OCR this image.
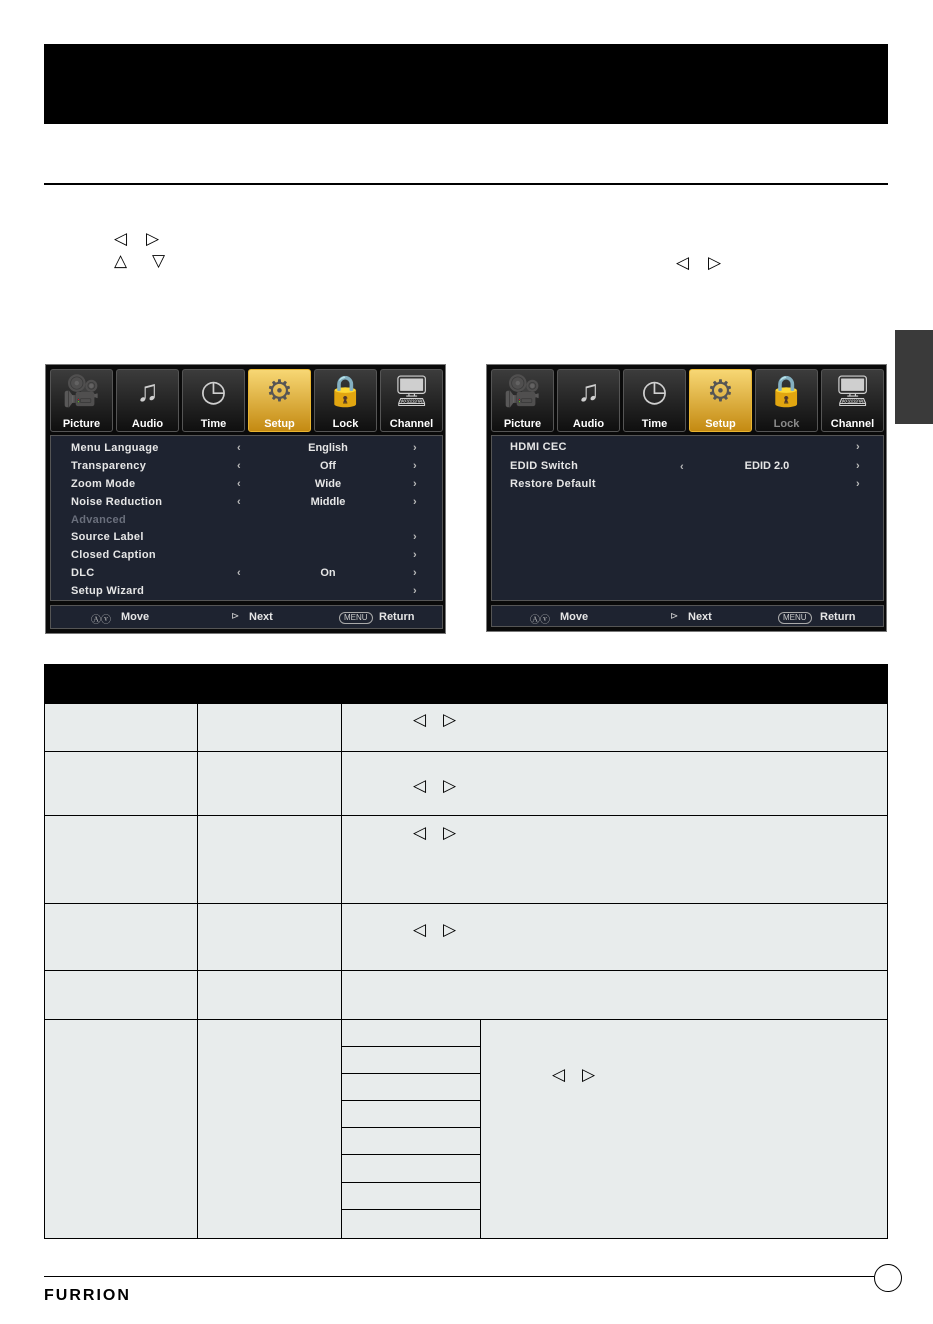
◁ ▷
△ ▽	◁ ▷
🎥
Picture
♫
Audio
◷
Time
⚙
Setup
🔒
Lock
🖥
Channel
Menu Language	‹	English	›
Transparency	‹	Off	›
Zoom Mode	‹	Wide	›
Noise Reduction	‹	Middle	›
Advanced
Source Label	›
Closed Caption	›
DLC	‹	On	›
Setup Wizard	›
Ⓐⓥ Move	⊳ Next	MENU	Return
🎥
Picture
♫
Audio
◷
Time
⚙
Setup
🔒
Lock
🖥
Channel
HDMI CEC	›
EDID Switch	‹	EDID 2.0	›
Restore Default	›
Ⓐⓥ Move	⊳ Next	MENU	Return
◁ ▷
◁ ▷
◁ ▷
◁ ▷
◁ ▷
FURRION
